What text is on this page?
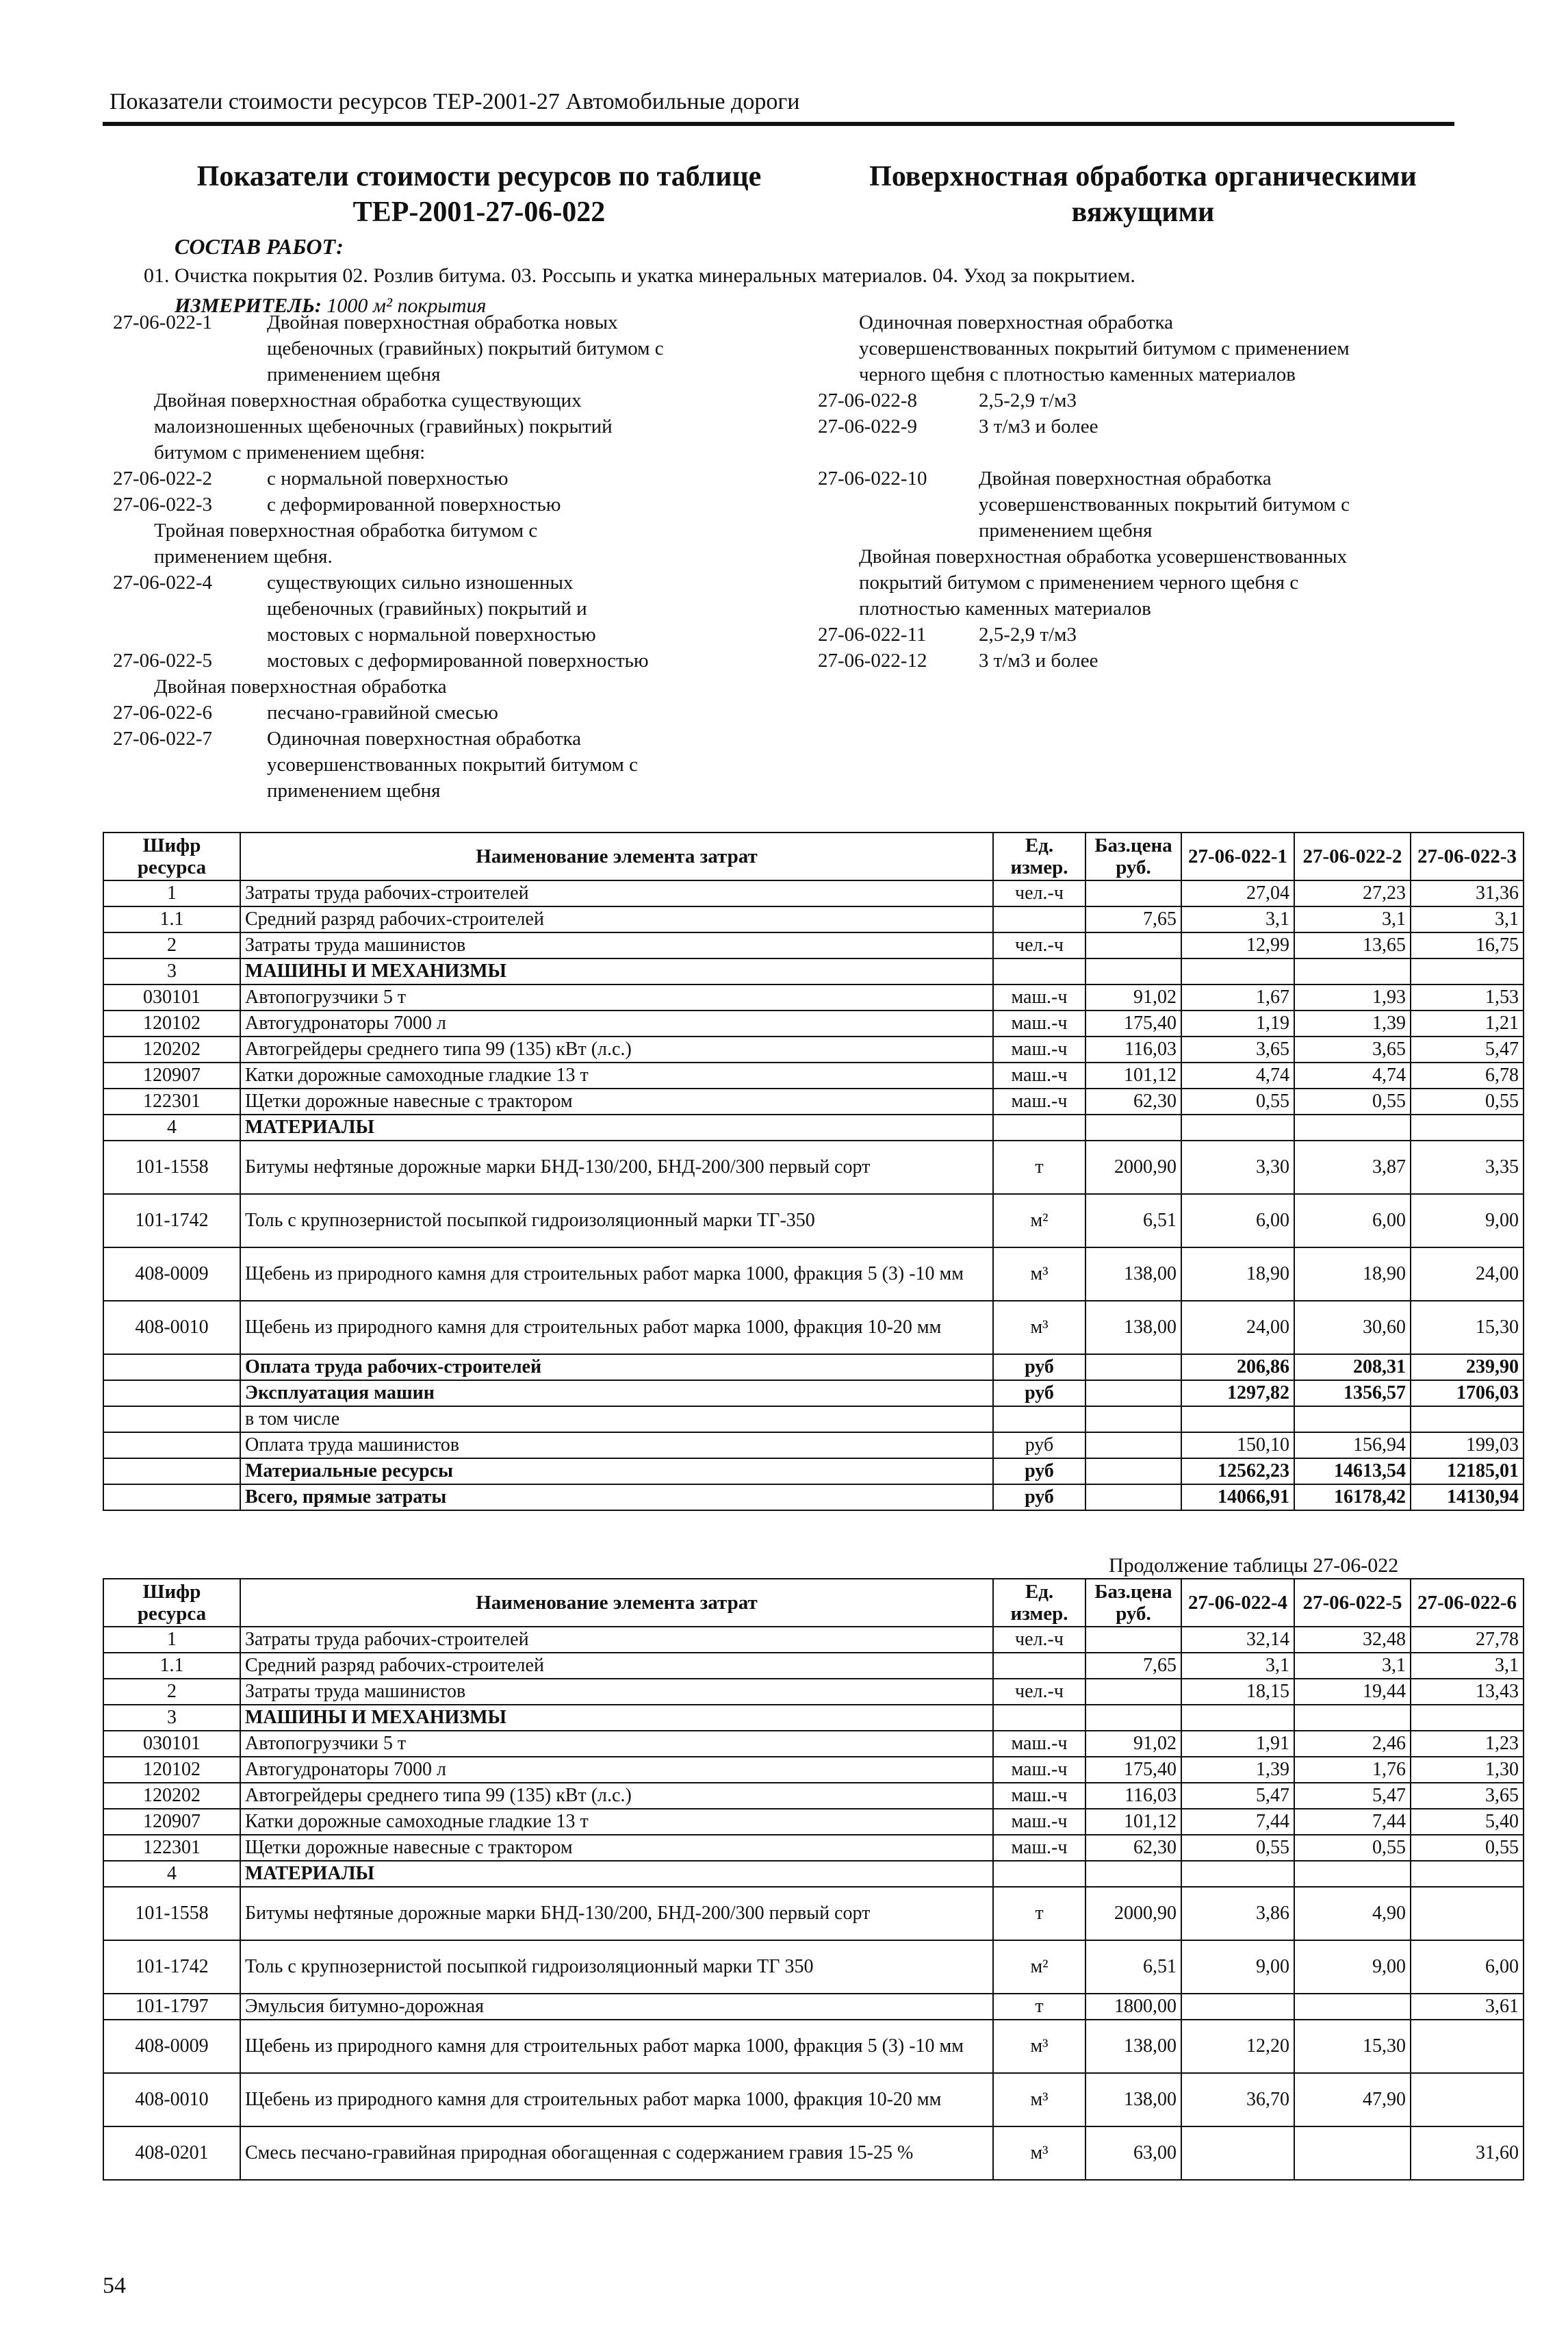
Показатели стоимости ресурсов ТЕР-2001-27 Автомобильные дороги
Показатели стоимости ресурсов по таблице
ТЕР-2001-27-06-022
Поверхностная обработка органическими
вяжущими
СОСТАВ РАБОТ:
01. Очистка покрытия 02. Розлив битума. 03. Россыпь и укатка минеральных материалов. 04. Уход за покрытием.
ИЗМЕРИТЕЛЬ: 1000 м² покрытия
27-06-022-1	Двойная поверхностная обработка новых
щебеночных (гравийных) покрытий битумом с
применением щебня
Двойная поверхностная обработка существующих
малоизношенных щебеночных (гравийных) покрытий
битумом с применением щебня:
27-06-022-2	с нормальной поверхностью
27-06-022-3	с деформированной поверхностью
Тройная поверхностная обработка битумом с
применением щебня.
27-06-022-4	существующих сильно изношенных
щебеночных (гравийных) покрытий и
мостовых с нормальной поверхностью
27-06-022-5	мостовых с деформированной поверхностью
Двойная поверхностная обработка
27-06-022-6	песчано-гравийной смесью
27-06-022-7	Одиночная поверхностная обработка
усовершенствованных покрытий битумом с
применением щебня
Одиночная поверхностная обработка
усовершенствованных покрытий битумом с применением
черного щебня с плотностью каменных материалов
27-06-022-8	2,5-2,9 т/м3
27-06-022-9	3 т/м3 и более
27-06-022-10	Двойная поверхностная обработка
усовершенствованных покрытий битумом с
применением щебня
Двойная поверхностная обработка усовершенствованных
покрытий битумом с применением черного щебня с
плотностью каменных материалов
27-06-022-11	2,5-2,9 т/м3
27-06-022-12	3 т/м3 и более
Шифр ресурса	Наименование элемента затрат	Ед. измер.	Баз.цена руб.	27-06-022-1	27-06-022-2	27-06-022-3
1	Затраты труда рабочих-строителей	чел.-ч		27,04	27,23	31,36
1.1	Средний разряд рабочих-строителей		7,65	3,1	3,1	3,1
2	Затраты труда машинистов	чел.-ч		12,99	13,65	16,75
3	МАШИНЫ И МЕХАНИЗМЫ					
030101	Автопогрузчики 5 т	маш.-ч	91,02	1,67	1,93	1,53
120102	Автогудронаторы 7000 л	маш.-ч	175,40	1,19	1,39	1,21
120202	Автогрейдеры среднего типа 99 (135) кВт (л.с.)	маш.-ч	116,03	3,65	3,65	5,47
120907	Катки дорожные самоходные гладкие 13 т	маш.-ч	101,12	4,74	4,74	6,78
122301	Щетки дорожные навесные с трактором	маш.-ч	62,30	0,55	0,55	0,55
4	МАТЕРИАЛЫ					
101-1558	Битумы нефтяные дорожные марки БНД-130/200, БНД-200/300 первый сорт	т	2000,90	3,30	3,87	3,35
101-1742	Толь с крупнозернистой посыпкой гидроизоляционный марки ТГ-350	м²	6,51	6,00	6,00	9,00
408-0009	Щебень из природного камня для строительных работ марка 1000, фракция 5 (3) -10 мм	м³	138,00	18,90	18,90	24,00
408-0010	Щебень из природного камня для строительных работ марка 1000, фракция 10-20 мм	м³	138,00	24,00	30,60	15,30
	Оплата труда рабочих-строителей	руб		206,86	208,31	239,90
	Эксплуатация машин	руб		1297,82	1356,57	1706,03
	в том числе					
	Оплата труда машинистов	руб		150,10	156,94	199,03
	Материальные ресурсы	руб		12562,23	14613,54	12185,01
	Всего, прямые затраты	руб		14066,91	16178,42	14130,94
Продолжение таблицы 27-06-022
Шифр ресурса	Наименование элемента затрат	Ед. измер.	Баз.цена руб.	27-06-022-4	27-06-022-5	27-06-022-6
1	Затраты труда рабочих-строителей	чел.-ч		32,14	32,48	27,78
1.1	Средний разряд рабочих-строителей		7,65	3,1	3,1	3,1
2	Затраты труда машинистов	чел.-ч		18,15	19,44	13,43
3	МАШИНЫ И МЕХАНИЗМЫ					
030101	Автопогрузчики 5 т	маш.-ч	91,02	1,91	2,46	1,23
120102	Автогудронаторы 7000 л	маш.-ч	175,40	1,39	1,76	1,30
120202	Автогрейдеры среднего типа 99 (135) кВт (л.с.)	маш.-ч	116,03	5,47	5,47	3,65
120907	Катки дорожные самоходные гладкие 13 т	маш.-ч	101,12	7,44	7,44	5,40
122301	Щетки дорожные навесные с трактором	маш.-ч	62,30	0,55	0,55	0,55
4	МАТЕРИАЛЫ					
101-1558	Битумы нефтяные дорожные марки БНД-130/200, БНД-200/300 первый сорт	т	2000,90	3,86	4,90	
101-1742	Толь с крупнозернистой посыпкой гидроизоляционный марки ТГ 350	м²	6,51	9,00	9,00	6,00
101-1797	Эмульсия битумно-дорожная	т	1800,00			3,61
408-0009	Щебень из природного камня для строительных работ марка 1000, фракция 5 (3) -10 мм	м³	138,00	12,20	15,30	
408-0010	Щебень из природного камня для строительных работ марка 1000, фракция 10-20 мм	м³	138,00	36,70	47,90	
408-0201	Смесь песчано-гравийная природная обогащенная с содержанием гравия 15-25 %	м³	63,00			31,60
54
